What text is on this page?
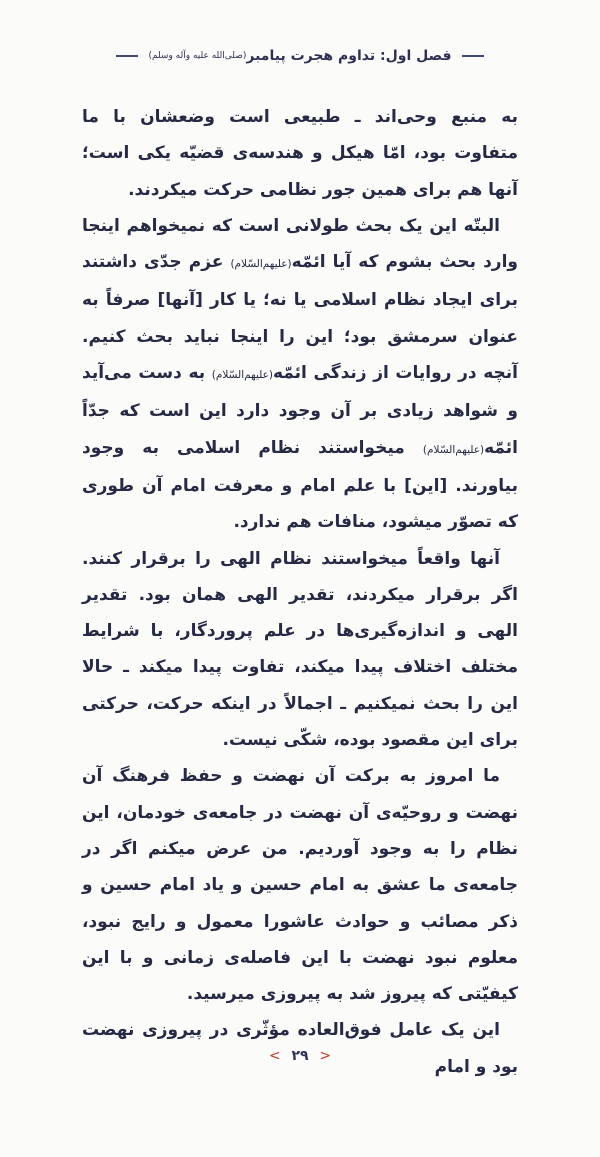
فصل اول: تداوم هجرت پیامبر
(صلی‌الله علیه وآله وسلم)

به منبع وحی‌اند ـ طبیعی است وضعشان با ما متفاوت بود، امّا هیکل و هندسه‌ی قضیّه یکی است؛ آنها هم برای همین جور نظامی حرکت میکردند.

البتّه این یک بحث طولانی است که نمیخواهم اینجا وارد بحث بشوم که آیا ائمّه(علیهم‌السّلام) عزم جدّی داشتند برای ایجاد نظام اسلامی یا نه؛ یا کار [آنها] صرفاً به عنوان سرمشق بود؛ این را اینجا نباید بحث کنیم. آنچه در روایات از زندگی ائمّه(علیهم‌السّلام) به دست می‌آید و شواهد زیادی بر آن وجود دارد این است که جدّاً ائمّه(علیهم‌السّلام) میخواستند نظام اسلامی به وجود بیاورند. [این] با علم امام و معرفت امام آن طوری که تصوّر میشود، منافات هم ندارد.

آنها واقعاً میخواستند نظام الهی را برقرار کنند. اگر برقرار میکردند، تقدیر الهی همان بود. تقدیر الهی و اندازه‌گیری‌ها در علم پروردگار، با شرایط مختلف اختلاف پیدا میکند، تفاوت پیدا میکند ـ حالا این را بحث نمیکنیم ـ اجمالاً در اینکه حرکت، حرکتی برای این مقصود بوده، شکّی نیست.

ما امروز به برکت آن نهضت و حفظ فرهنگ آن نهضت و روحیّه‌ی آن نهضت در جامعه‌ی خودمان، این نظام را به وجود آوردیم. من عرض میکنم اگر در جامعه‌ی ما عشق به امام حسین و یاد امام حسین و ذکر مصائب و حوادث عاشورا معمول و رایج نبود، معلوم نبود نهضت با این فاصله‌ی زمانی و با این کیفیّتی که پیروز شد به پیروزی میرسید.

این یک عامل فوق‌العاده مؤثّری در پیروزی نهضت بود و امام

< ۲۹ >
